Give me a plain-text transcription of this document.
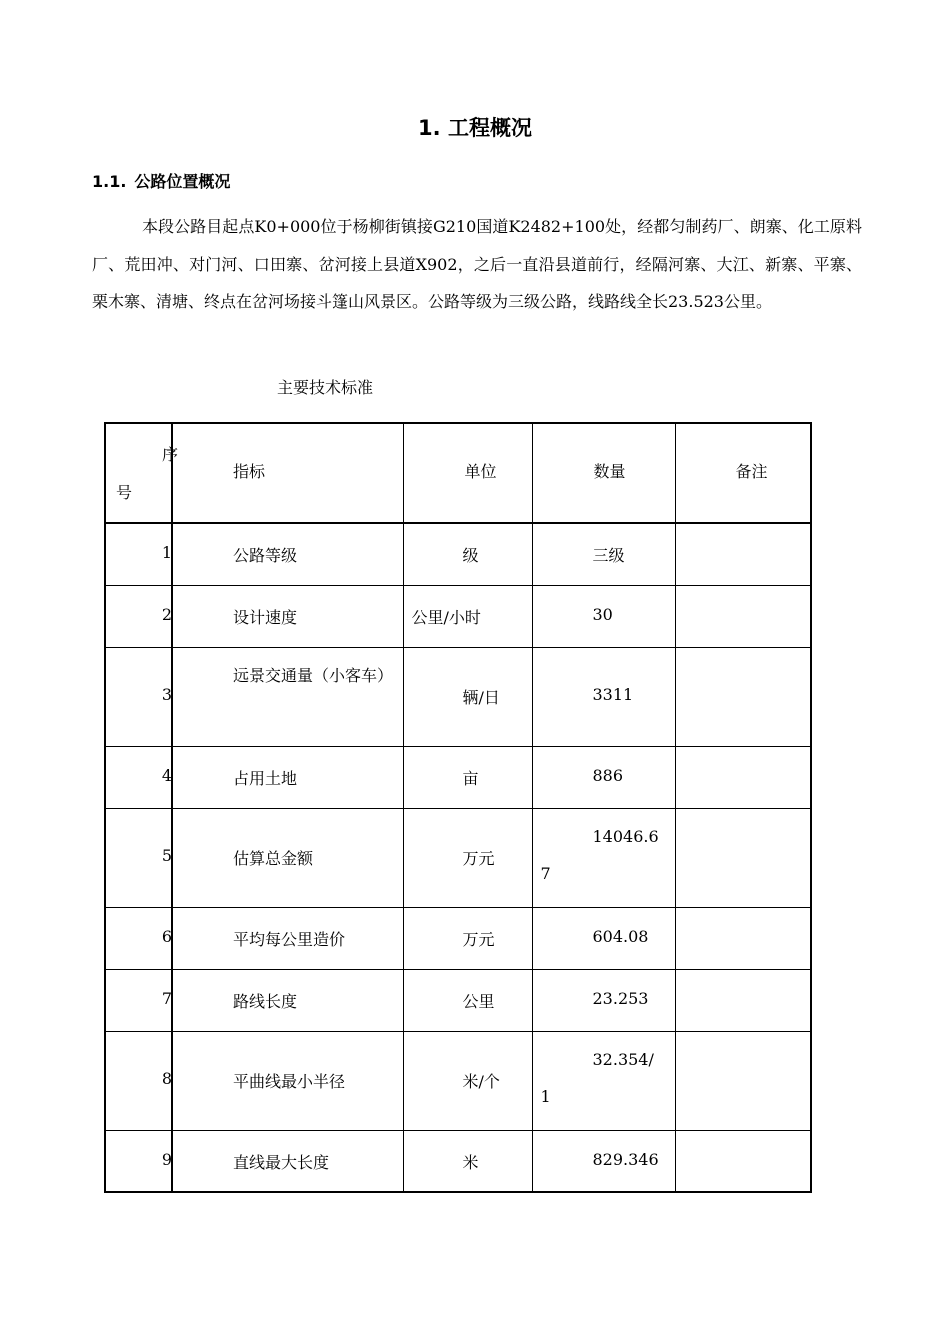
1. 工程概况
1.1. 公路位置概况
本段公路目起点K0+000位于杨柳街镇接G210国道K2482+100处，经都匀制药厂、朗寨、化工原料厂、荒田冲、对门河、口田寨、岔河接上县道X902，之后一直沿县道前行，经隔河寨、大江、新寨、平寨、栗木寨、清塘、终点在岔河场接斗篷山风景区。公路等级为三级公路，线路线全长23.523公里。
主要技术标准
序
号	指标	单位	数量	备注

1	公路等级	级	三级	

2	设计速度	公里/小时	30	

3	远景交通量（小客车）	辆/日	3311	

4	占用土地	亩	886	

5	估算总金额	万元	14046.67	

6	平均每公里造价	万元	604.08	

7	路线长度	公里	23.253	

8	平曲线最小半径	米/个	32.354/1	

9	直线最大长度	米	829.346	
